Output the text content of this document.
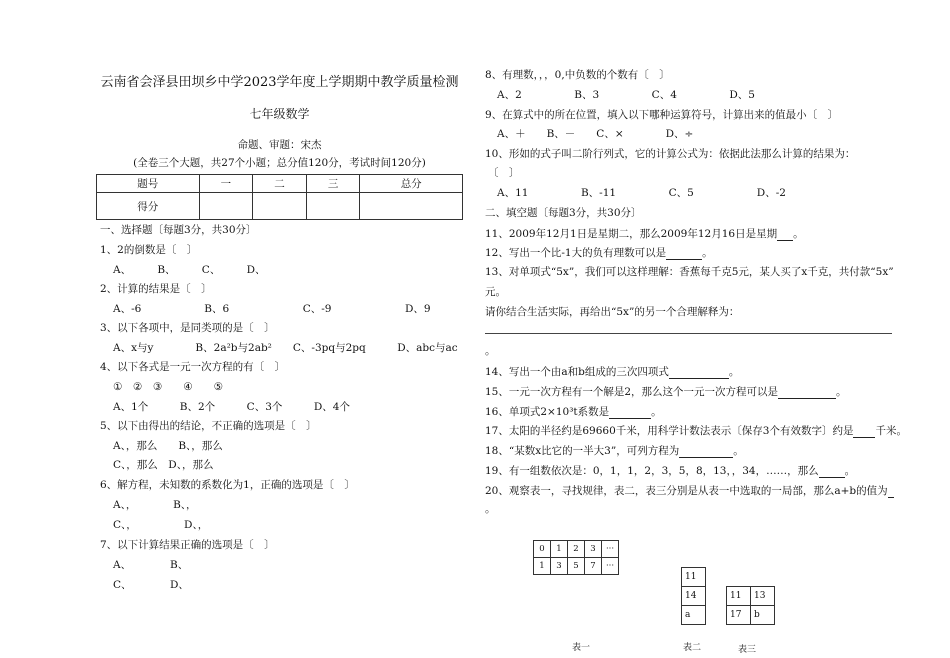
云南省会泽县田坝乡中学2023学年度上学期期中教学质量检测
七年级数学
命题、审题：宋杰
(全卷三个大题，共27个小题；总分值120分，考试时间120分)
题号	一	二	三	总分
得分				
一、选择题〔每题3分，共30分〕
1、2的倒数是〔　〕
A、　　　B、　　　C、　　　D、
2、计算的结果是〔　〕
A、-6　　　　　　B、6　　　　　　　C、-9　　　　　　　D、9
3、以下各项中，是同类项的是〔　〕
A、x与y　　　　B、2a²b与2ab²　　C、-3pq与2pq　　　D、abc与ac
4、以下各式是一元一次方程的有〔　〕
①　②　③　　④　　⑤
A、1个　　　B、2个　　　C、3个　　　D、4个
5、以下由得出的结论，不正确的选项是〔　〕
A、，那么　　B、，那么
C、，那么　D、，那么
6、解方程，未知数的系数化为1，正确的选项是〔　〕
A、，　　　　B、，
C、，　　　　　D、，
7、以下计算结果正确的选项是〔　〕
A、	B、
C、	D、
8、有理数，，，0,中负数的个数有〔　〕
A、2　　　　　B、3　　　　　C、4　　　　　D、5
9、在算式中的所在位置，填入以下哪种运算符号，计算出来的值最小〔　〕
A、＋　　B、－　　C、×　　　　D、÷
10、形如的式子叫二阶行列式，它的计算公式为：依据此法那么计算的结果为：
〔　〕
A、11　　　　　B、-11　　　　　C、5　　　　　　D、-2
二、填空题〔每题3分，共30分〕
11、2009年12月1日是星期二，那么2009年12月16日是星期 。
12、写出一个比-1大的负有理数可以是	。
13、对单项式“5x”，我们可以这样理解：香蕉每千克5元，某人买了x千克，共付款“5x”
元。
请你结合生活实际，再给出“5x”的另一个合理解释为：
。
14、写出一个由a和b组成的三次四项式	。
15、一元一次方程有一个解是2，那么这个一元一次方程可以是	。
16、单项式2×10³t系数是	。
17、太阳的半径约是69660千米，用科学计数法表示〔保存3个有效数字〕约是 千米。
18、“某数x比它的一半大3”，可列方程为	。
19、有一组数依次是：0，1，1，2，3，5，8，13，，34，……，那么 。
20、观察表一，寻找规律，表二，表三分别是从表一中选取的一局部，那么a+b的值为
。
0	1	2	3	···
1	3	5	7	···
11
14
a
11	13
17	b
表一	表二	表三
